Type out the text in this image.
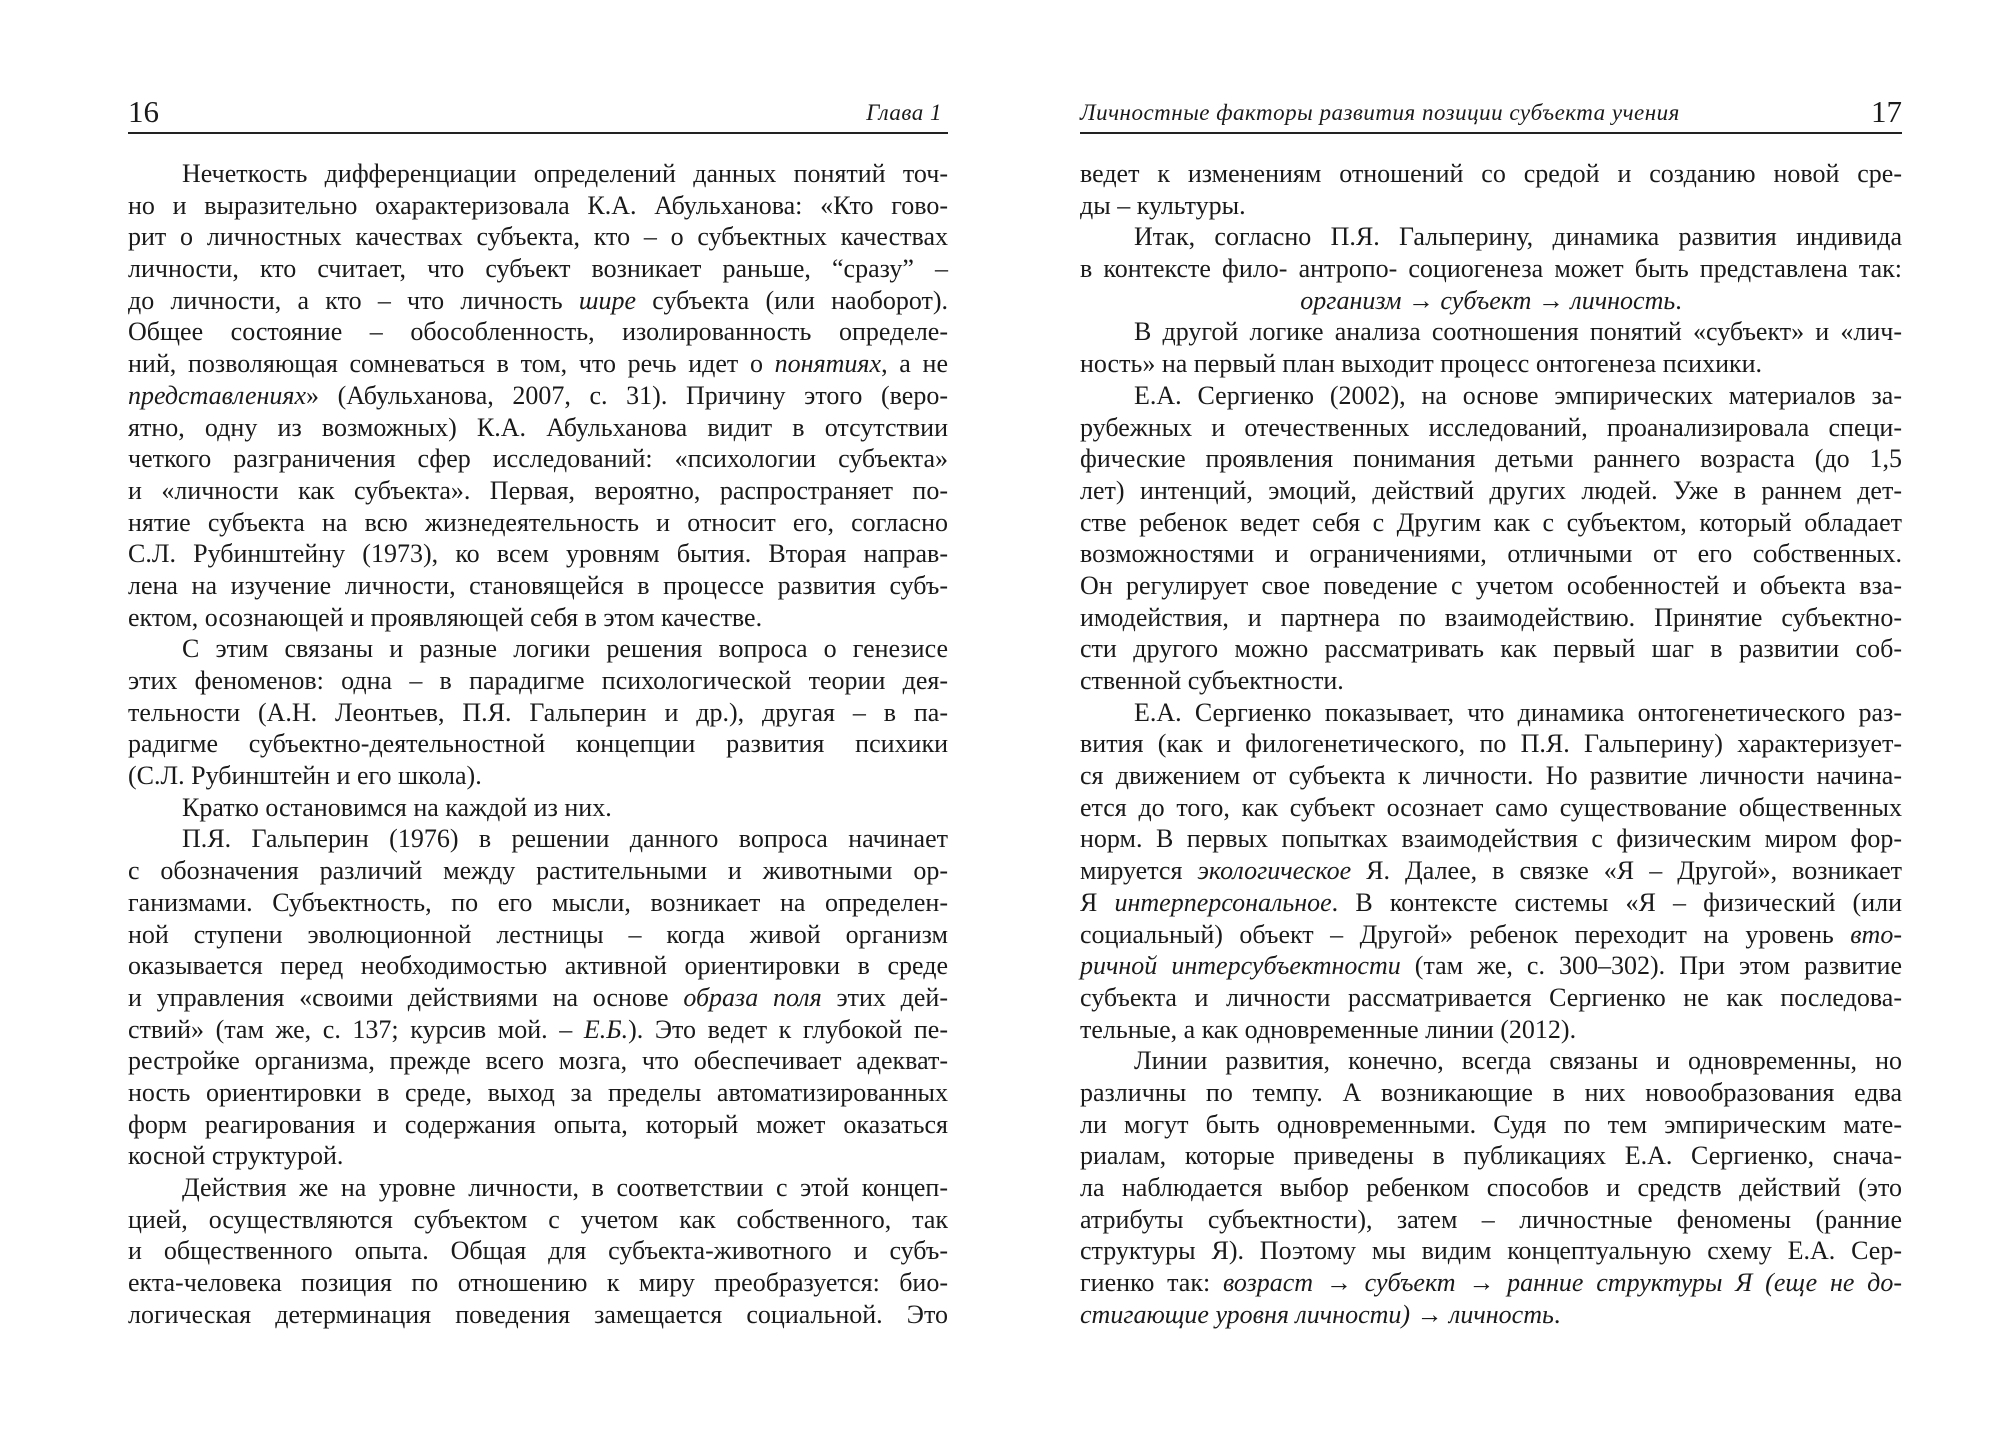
16	Глава 1
Нечеткость дифференциации определений данных понятий точ-
но и выразительно охарактеризовала К.А. Абульханова: «Кто гово-
рит о личностных качествах субъекта, кто – о субъектных качествах
личности, кто считает, что субъект возникает раньше, “сразу” –
до личности, а кто – что личность шире субъекта (или наоборот).
Общее состояние – обособленность, изолированность определе-
ний, позволяющая сомневаться в том, что речь идет о понятиях, а не
представлениях» (Абульханова, 2007, с. 31). Причину этого (веро-
ятно, одну из возможных) К.А. Абульханова видит в отсутствии
четкого разграничения сфер исследований: «психологии субъекта»
и «личности как субъекта». Первая, вероятно, распространяет по-
нятие субъекта на всю жизнедеятельность и относит его, согласно
С.Л. Рубинштейну (1973), ко всем уровням бытия. Вторая направ-
лена на изучение личности, становящейся в процессе развития субъ-
ектом, осознающей и проявляющей себя в этом качестве.
С этим связаны и разные логики решения вопроса о генезисе
этих феноменов: одна – в парадигме психологической теории дея-
тельности (А.Н. Леонтьев, П.Я. Гальперин и др.), другая – в па-
радигме субъектно-деятельностной концепции развития психики
(С.Л. Рубинштейн и его школа).
Кратко остановимся на каждой из них.
П.Я. Гальперин (1976) в решении данного вопроса начинает
с обозначения различий между растительными и животными ор-
ганизмами. Субъектность, по его мысли, возникает на определен-
ной ступени эволюционной лестницы – когда живой организм
оказывается перед необходимостью активной ориентировки в среде
и управления «своими действиями на основе образа поля этих дей-
ствий» (там же, с. 137; курсив мой. – Е.Б.). Это ведет к глубокой пе-
рестройке организма, прежде всего мозга, что обеспечивает адекват-
ность ориентировки в среде, выход за пределы автоматизированных
форм реагирования и содержания опыта, который может оказаться
косной структурой.
Действия же на уровне личности, в соответствии с этой концеп-
цией, осуществляются субъектом с учетом как собственного, так
и общественного опыта. Общая для субъекта-животного и субъ-
екта-человека позиция по отношению к миру преобразуется: био-
логическая детерминация поведения замещается социальной. Это
Личностные факторы развития позиции субъекта учения	17
ведет к изменениям отношений со средой и созданию новой сре-
ды – культуры.
Итак, согласно П.Я. Гальперину, динамика развития индивида
в контексте фило- антропо- социогенеза может быть представлена так:
организм → субъект → личность.
В другой логике анализа соотношения понятий «субъект» и «лич-
ность» на первый план выходит процесс онтогенеза психики.
Е.А. Сергиенко (2002), на основе эмпирических материалов за-
рубежных и отечественных исследований, проанализировала специ-
фические проявления понимания детьми раннего возраста (до 1,5
лет) интенций, эмоций, действий других людей. Уже в раннем дет-
стве ребенок ведет себя с Другим как с субъектом, который обладает
возможностями и ограничениями, отличными от его собственных.
Он регулирует свое поведение с учетом особенностей и объекта вза-
имодействия, и партнера по взаимодействию. Принятие субъектно-
сти другого можно рассматривать как первый шаг в развитии соб-
ственной субъектности.
Е.А. Сергиенко показывает, что динамика онтогенетического раз-
вития (как и филогенетического, по П.Я. Гальперину) характеризует-
ся движением от субъекта к личности. Но развитие личности начина-
ется до того, как субъект осознает само существование общественных
норм. В первых попытках взаимодействия с физическим миром фор-
мируется экологическое Я. Далее, в связке «Я – Другой», возникает
Я интерперсональное. В контексте системы «Я – физический (или
социальный) объект – Другой» ребенок переходит на уровень вто-
ричной интерсубъектности (там же, с. 300–302). При этом развитие
субъекта и личности рассматривается Сергиенко не как последова-
тельные, а как одновременные линии (2012).
Линии развития, конечно, всегда связаны и одновременны, но
различны по темпу. А возникающие в них новообразования едва
ли могут быть одновременными. Судя по тем эмпирическим мате-
риалам, которые приведены в публикациях Е.А. Сергиенко, снача-
ла наблюдается выбор ребенком способов и средств действий (это
атрибуты субъектности), затем – личностные феномены (ранние
структуры Я). Поэтому мы видим концептуальную схему Е.А. Сер-
гиенко так: возраст → субъект → ранние структуры Я (еще не до-
стигающие уровня личности) → личность.
